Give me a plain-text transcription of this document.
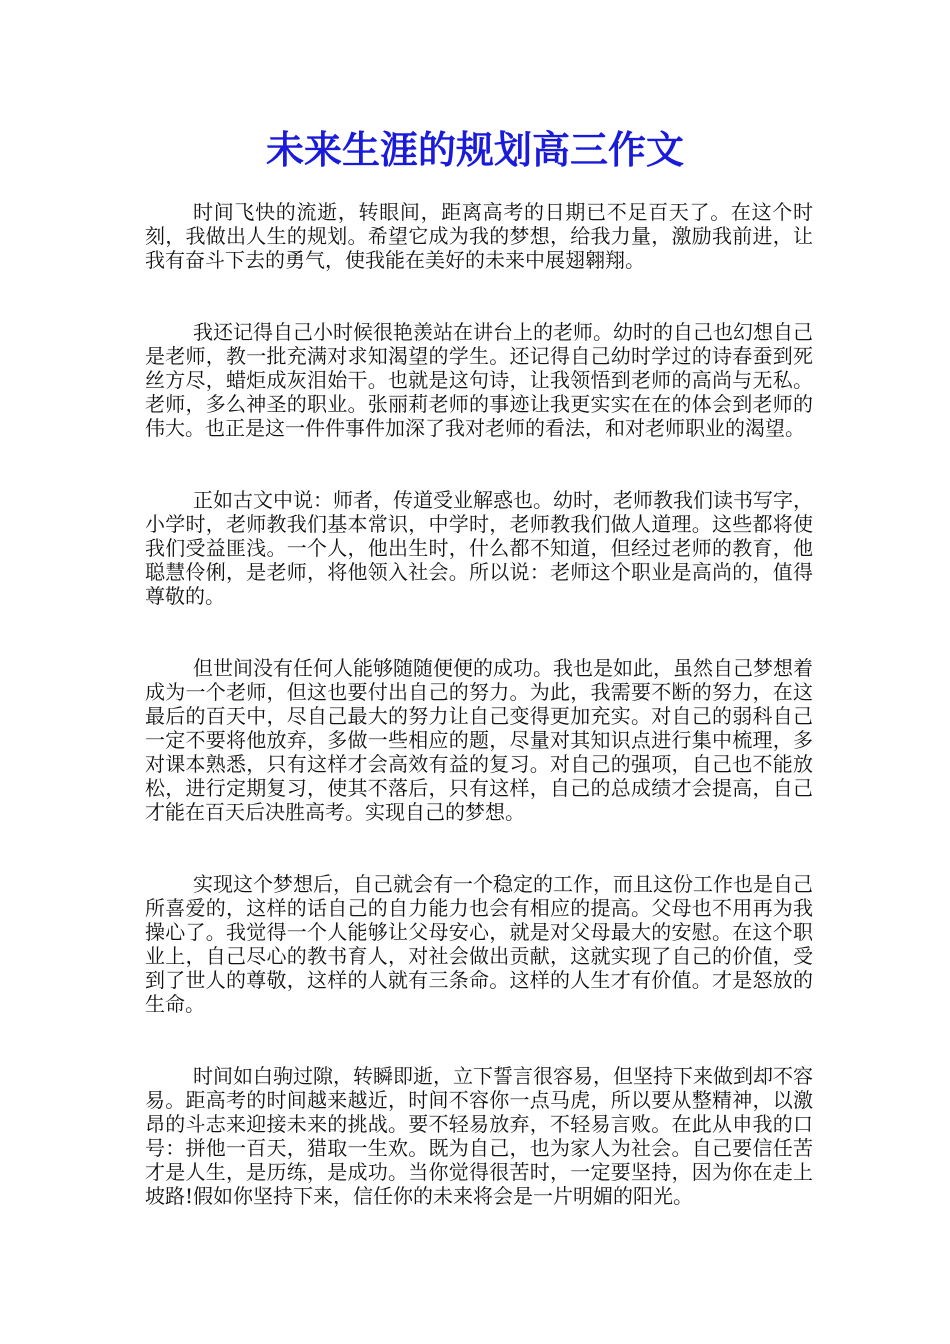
未来生涯的规划高三作文

时间飞快的流逝，转眼间，距离高考的日期已不足百天了。在这个时刻，我做出人生的规划。希望它成为我的梦想，给我力量，激励我前进，让我有奋斗下去的勇气，使我能在美好的未来中展翅翱翔。

我还记得自己小时候很艳羡站在讲台上的老师。幼时的自己也幻想自己是老师，教一批充满对求知渴望的学生。还记得自己幼时学过的诗春蚕到死丝方尽，蜡炬成灰泪始干。也就是这句诗，让我领悟到老师的高尚与无私。老师，多么神圣的职业。张丽莉老师的事迹让我更实实在在的体会到老师的伟大。也正是这一件件事件加深了我对老师的看法，和对老师职业的渴望。

正如古文中说：师者，传道受业解惑也。幼时，老师教我们读书写字，小学时，老师教我们基本常识，中学时，老师教我们做人道理。这些都将使我们受益匪浅。一个人，他出生时，什么都不知道，但经过老师的教育，他聪慧伶俐，是老师，将他领入社会。所以说：老师这个职业是高尚的，值得尊敬的。

但世间没有任何人能够随随便便的成功。我也是如此，虽然自己梦想着成为一个老师，但这也要付出自己的努力。为此，我需要不断的努力，在这最后的百天中，尽自己最大的努力让自己变得更加充实。对自己的弱科自己一定不要将他放弃，多做一些相应的题，尽量对其知识点进行集中梳理，多对课本熟悉，只有这样才会高效有益的复习。对自己的强项，自己也不能放松，进行定期复习，使其不落后，只有这样，自己的总成绩才会提高，自己才能在百天后决胜高考。实现自己的梦想。

实现这个梦想后，自己就会有一个稳定的工作，而且这份工作也是自己所喜爱的，这样的话自己的自力能力也会有相应的提高。父母也不用再为我操心了。我觉得一个人能够让父母安心，就是对父母最大的安慰。在这个职业上，自己尽心的教书育人，对社会做出贡献，这就实现了自己的价值，受到了世人的尊敬，这样的人就有三条命。这样的人生才有价值。才是怒放的生命。

时间如白驹过隙，转瞬即逝，立下誓言很容易，但坚持下来做到却不容易。距高考的时间越来越近，时间不容你一点马虎，所以要从整精神，以激昂的斗志来迎接未来的挑战。要不轻易放弃，不轻易言败。在此从申我的口号：拼他一百天，猎取一生欢。既为自己，也为家人为社会。自己要信任苦才是人生，是历练，是成功。当你觉得很苦时，一定要坚持，因为你在走上坡路!假如你坚持下来，信任你的未来将会是一片明媚的阳光。
